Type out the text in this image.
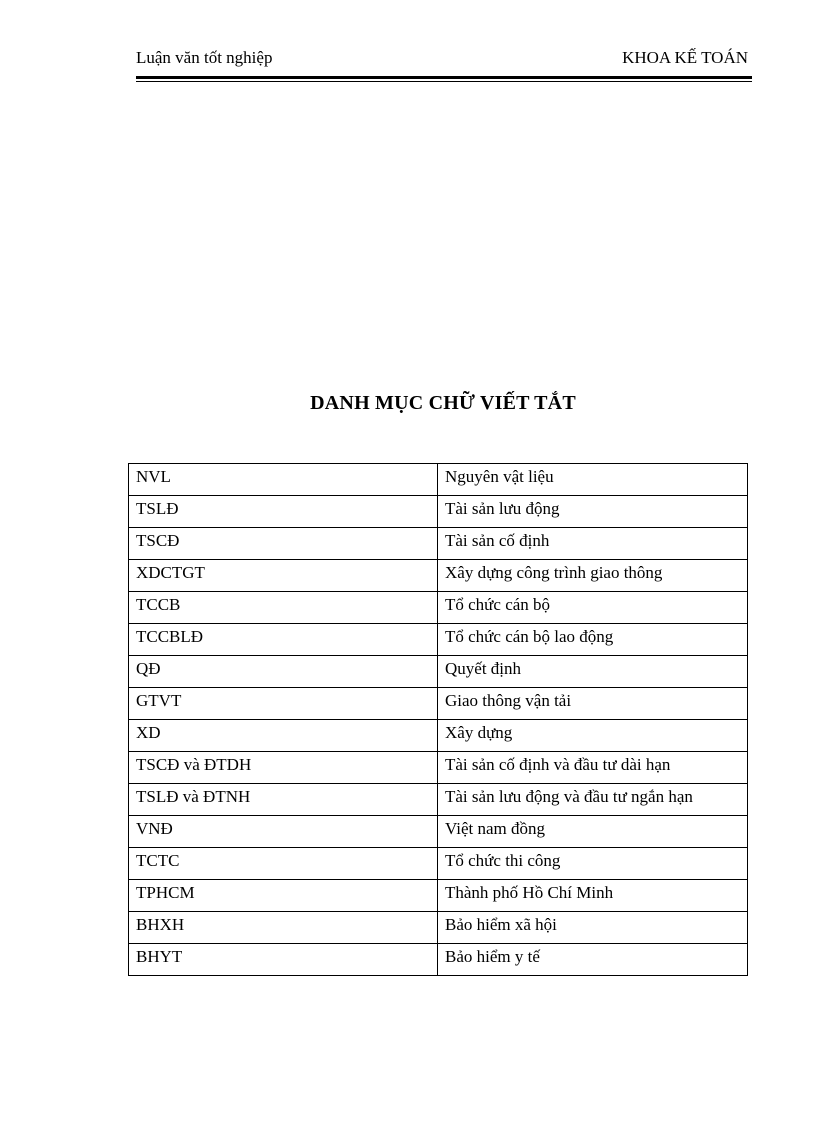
Luận văn tốt nghiệp	KHOA KẾ TOÁN
DANH MỤC CHỮ VIẾT TẮT
NVL	Nguyên vật liệu
TSLĐ	Tài sản lưu động
TSCĐ	Tài sản cố định
XDCTGT	Xây dựng công trình giao thông
TCCB	Tổ chức cán bộ
TCCBLĐ	Tổ chức cán bộ lao động
QĐ	Quyết định
GTVT	Giao thông vận tải
XD	Xây dựng
TSCĐ và ĐTDH	Tài sản cố định và đầu tư dài hạn
TSLĐ và ĐTNH	Tài sản lưu động và đầu tư ngắn hạn
VNĐ	Việt nam đồng
TCTC	Tổ chức thi công
TPHCM	Thành phố Hồ Chí Minh
BHXH	Bảo hiểm xã hội
BHYT	Bảo hiểm y tế
